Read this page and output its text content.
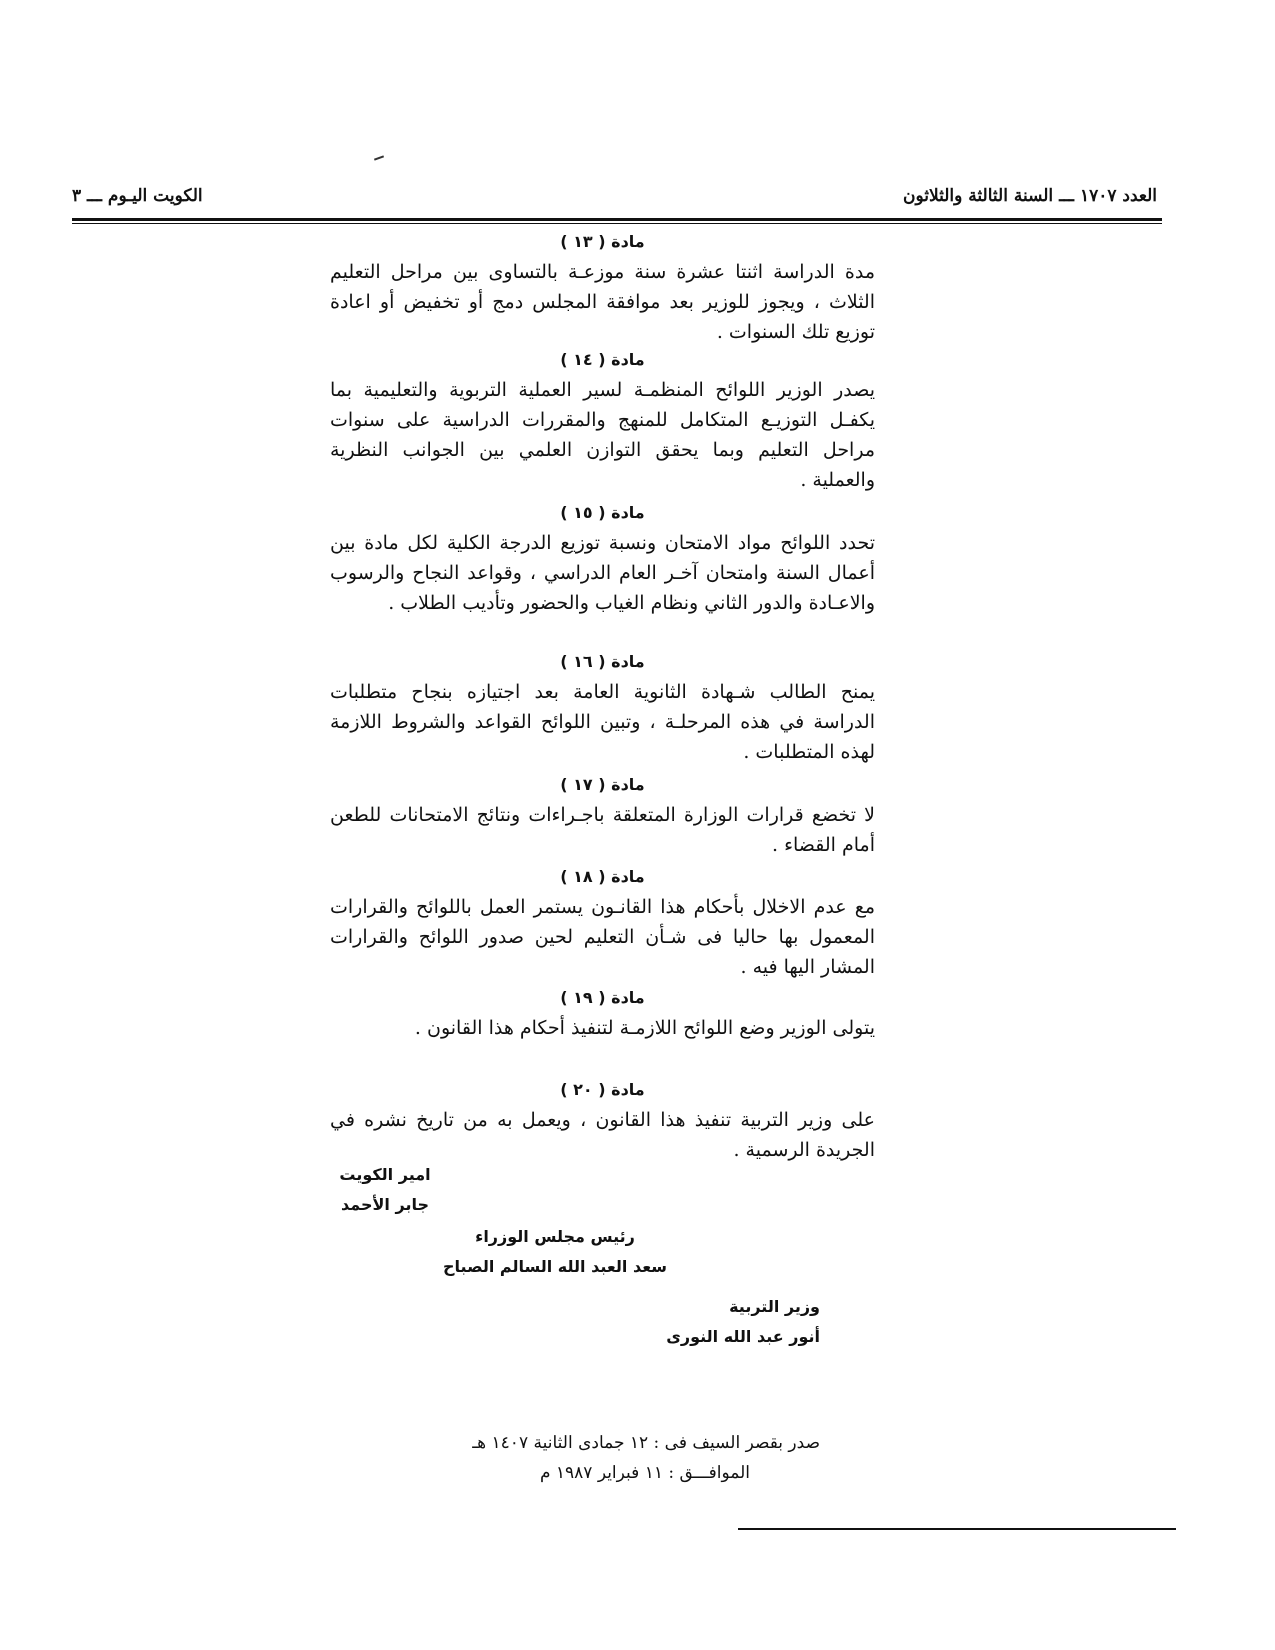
العدد ١٧٠٧ ـــ السنة الثالثة والثلاثون
الكويت اليـوم ـــ ٣
مادة ( ١٣ )
مدة الدراسة اثنتا عشرة سنة موزعـة بالتساوى بين مراحل التعليم الثلاث ، ويجوز للوزير بعد موافقة المجلس دمج أو تخفيض أو اعادة توزيع تلك السنوات .
مادة ( ١٤ )
يصدر الوزير اللوائح المنظمـة لسير العملية التربوية والتعليمية بما يكفـل التوزيـع المتكامل للمنهج والمقررات الدراسية على سنوات مراحل التعليم وبما يحقق التوازن العلمي بين الجوانب النظرية والعملية .
مادة ( ١٥ )
تحدد اللوائح مواد الامتحان ونسبة توزيع الدرجة الكلية لكل مادة بين أعمال السنة وامتحان آخـر العام الدراسي ، وقواعد النجاح والرسوب والاعـادة والدور الثاني ونظام الغياب والحضور وتأديب الطلاب .
مادة ( ١٦ )
يمنح الطالب شـهادة الثانوية العامة بعد اجتيازه بنجاح متطلبات الدراسة في هذه المرحلـة ، وتبين اللوائح القواعد والشروط اللازمة لهذه المتطلبات .
مادة ( ١٧ )
لا تخضع قرارات الوزارة المتعلقة باجـراءات ونتائج الامتحانات للطعن أمام القضاء .
مادة ( ١٨ )
مع عدم الاخلال بأحكام هذا القانـون يستمر العمل باللوائح والقرارات المعمول بها حاليا فى شـأن التعليم لحين صدور اللوائح والقرارات المشار اليها فيه .
مادة ( ١٩ )
يتولى الوزير وضع اللوائح اللازمـة لتنفيذ أحكام هذا القانون .
مادة ( ٢٠ )
على وزير التربية تنفيذ هذا القانون ، ويعمل به من تاريخ نشره في الجريدة الرسمية .
امير الكويت
جابر الأحمد
رئيس مجلس الوزراء
سعد العبد الله السالم الصباح
وزير التربية
أنور عبد الله النورى
صدر بقصر السيف فى : ١٢ جمادى الثانية ١٤٠٧ هـ
الموافـــق : ١١ فبراير ١٩٨٧ م
